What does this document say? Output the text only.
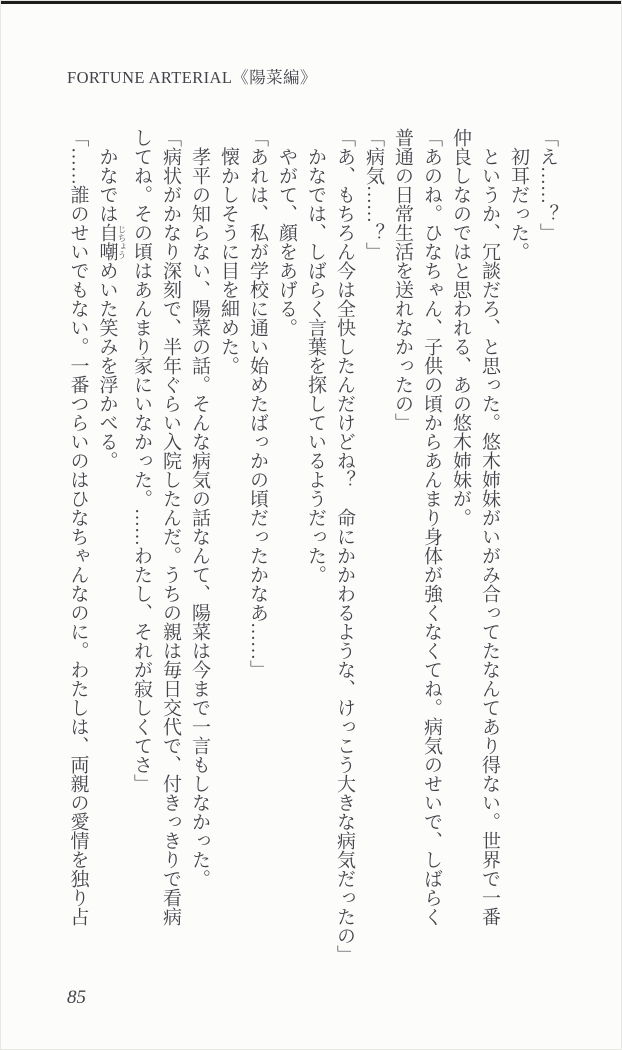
FORTUNE ARTERIAL《陽菜編》

「え……？」

初耳だった。

というか、冗談だろ、と思った。悠木姉妹がいがみ合ってたなんてあり得ない。世界で一番

仲良しなのではと思われる、あの悠木姉妹が。

「あのね。ひなちゃん、子供の頃からあんまり身体が強くなくてね。病気のせいで、しばらく

普通の日常生活を送れなかったの」

「病気……？」

「あ、もちろん今は全快したんだけどね？　命にかかわるような、けっこう大きな病気だったの」

かなでは、しばらく言葉を探しているようだった。

やがて、顔をあげる。

「あれは、私が学校に通い始めたばっかの頃だったかなあ……」

懐かしそうに目を細めた。

孝平の知らない、陽菜の話。そんな病気の話なんて、陽菜は今まで一言もしなかった。

「病状がかなり深刻で、半年ぐらい入院したんだ。うちの親は毎日交代で、付きっきりで看病

してね。その頃はあんまり家にいなかった。……わたし、それが寂しくてさ」

かなでは自嘲 じちょうめいた笑みを浮かべる。

「……誰のせいでもない。一番つらいのはひなちゃんなのに。わたしは、両親の愛情を独り占

85
